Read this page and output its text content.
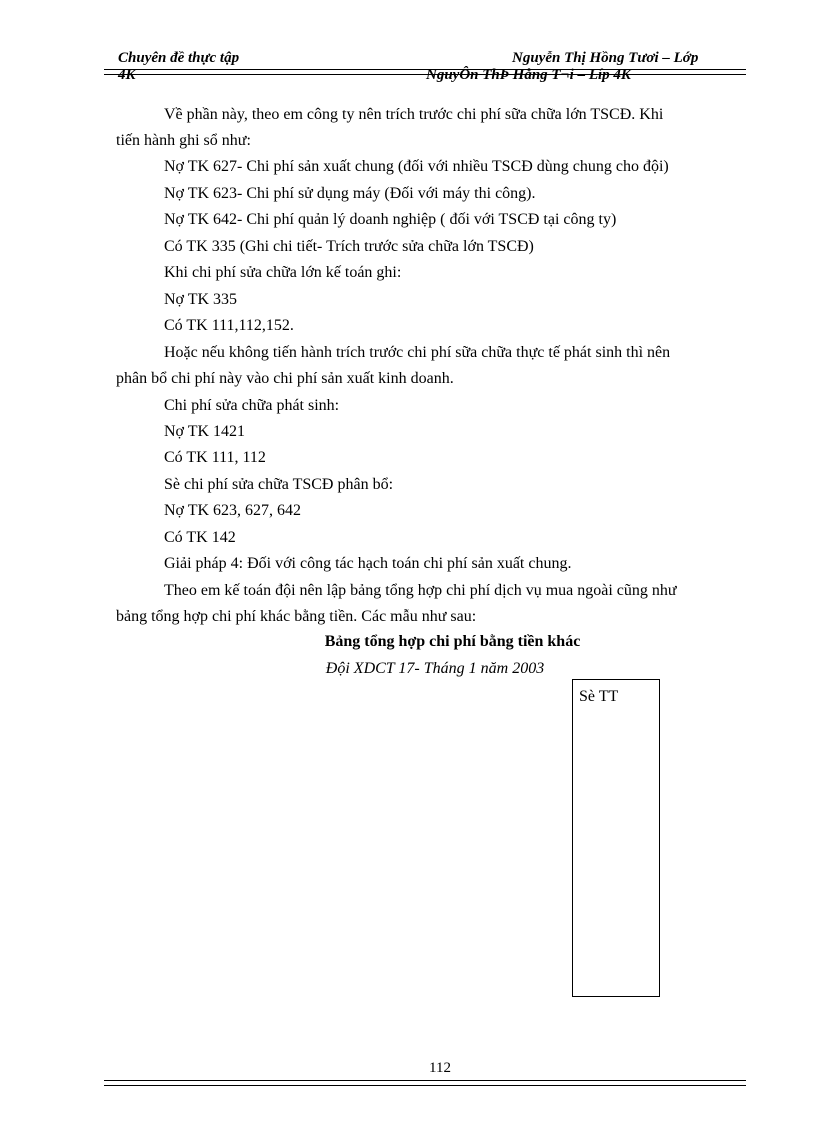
Chuyên đề thực tập	Nguyễn Thị Hồng Tươi – Lớp
4K	NguyÔn ThÞ Hång T¬i – Líp 4K
Về phần này, theo em công ty nên trích trước chi phí sữa chữa lớn TSCĐ. Khi
tiến hành ghi sổ như:
Nợ TK 627- Chi phí sản xuất chung (đối với nhiều TSCĐ dùng chung cho đội)
Nợ TK 623- Chi phí sử dụng máy (Đối với máy thi công).
Nợ TK 642- Chi phí quản lý doanh nghiệp ( đối với TSCĐ tại công ty)
Có TK 335 (Ghi chi tiết- Trích trước sửa chữa lớn TSCĐ)
Khi chi phí sửa chữa lớn kế toán ghi:
Nợ TK 335
Có TK 111,112,152.
Hoặc nếu không tiến hành trích trước chi phí sữa chữa thực tế phát sinh thì nên
phân bổ chi phí này vào chi phí sản xuất kinh doanh.
Chi phí sửa chữa phát sinh:
Nợ TK 1421
Có TK 111, 112
Sè chi phí sửa chữa TSCĐ phân bổ:
Nợ TK 623, 627, 642
Có TK 142
Giải pháp 4: Đối với công tác hạch toán chi phí sản xuất chung.
Theo em kế toán đội nên lập bảng tổng hợp chi phí dịch vụ mua ngoài cũng như
bảng tổng hợp chi phí khác bằng tiền. Các mẫu như sau:
Bảng tổng hợp chi phí bằng tiền khác
Đội XDCT 17- Tháng 1 năm 2003
Sè TT
112
